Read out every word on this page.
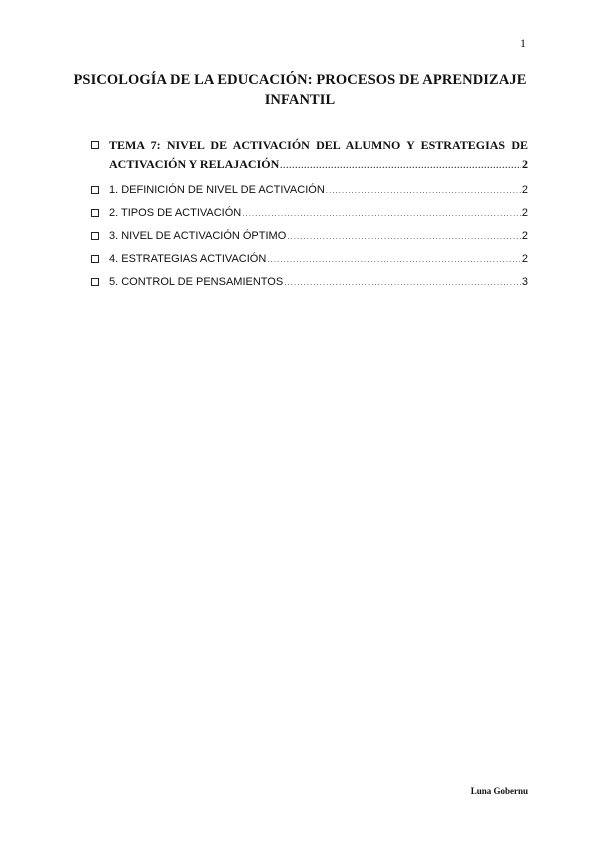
1
PSICOLOGÍA DE LA EDUCACIÓN: PROCESOS DE APRENDIZAJE
INFANTIL
TEMA 7: NIVEL DE ACTIVACIÓN DEL ALUMNO Y ESTRATEGIAS DE
ACTIVACIÓN Y RELAJACIÓN .....	2
1. DEFINICIÓN DE NIVEL DE ACTIVACIÓN .....	2
2. TIPOS DE ACTIVACIÓN .....	2
3. NIVEL DE ACTIVACIÓN ÓPTIMO .....	2
4. ESTRATEGIAS ACTIVACIÓN .....	2
5. CONTROL DE PENSAMIENTOS .....	3
Luna Gobernu
